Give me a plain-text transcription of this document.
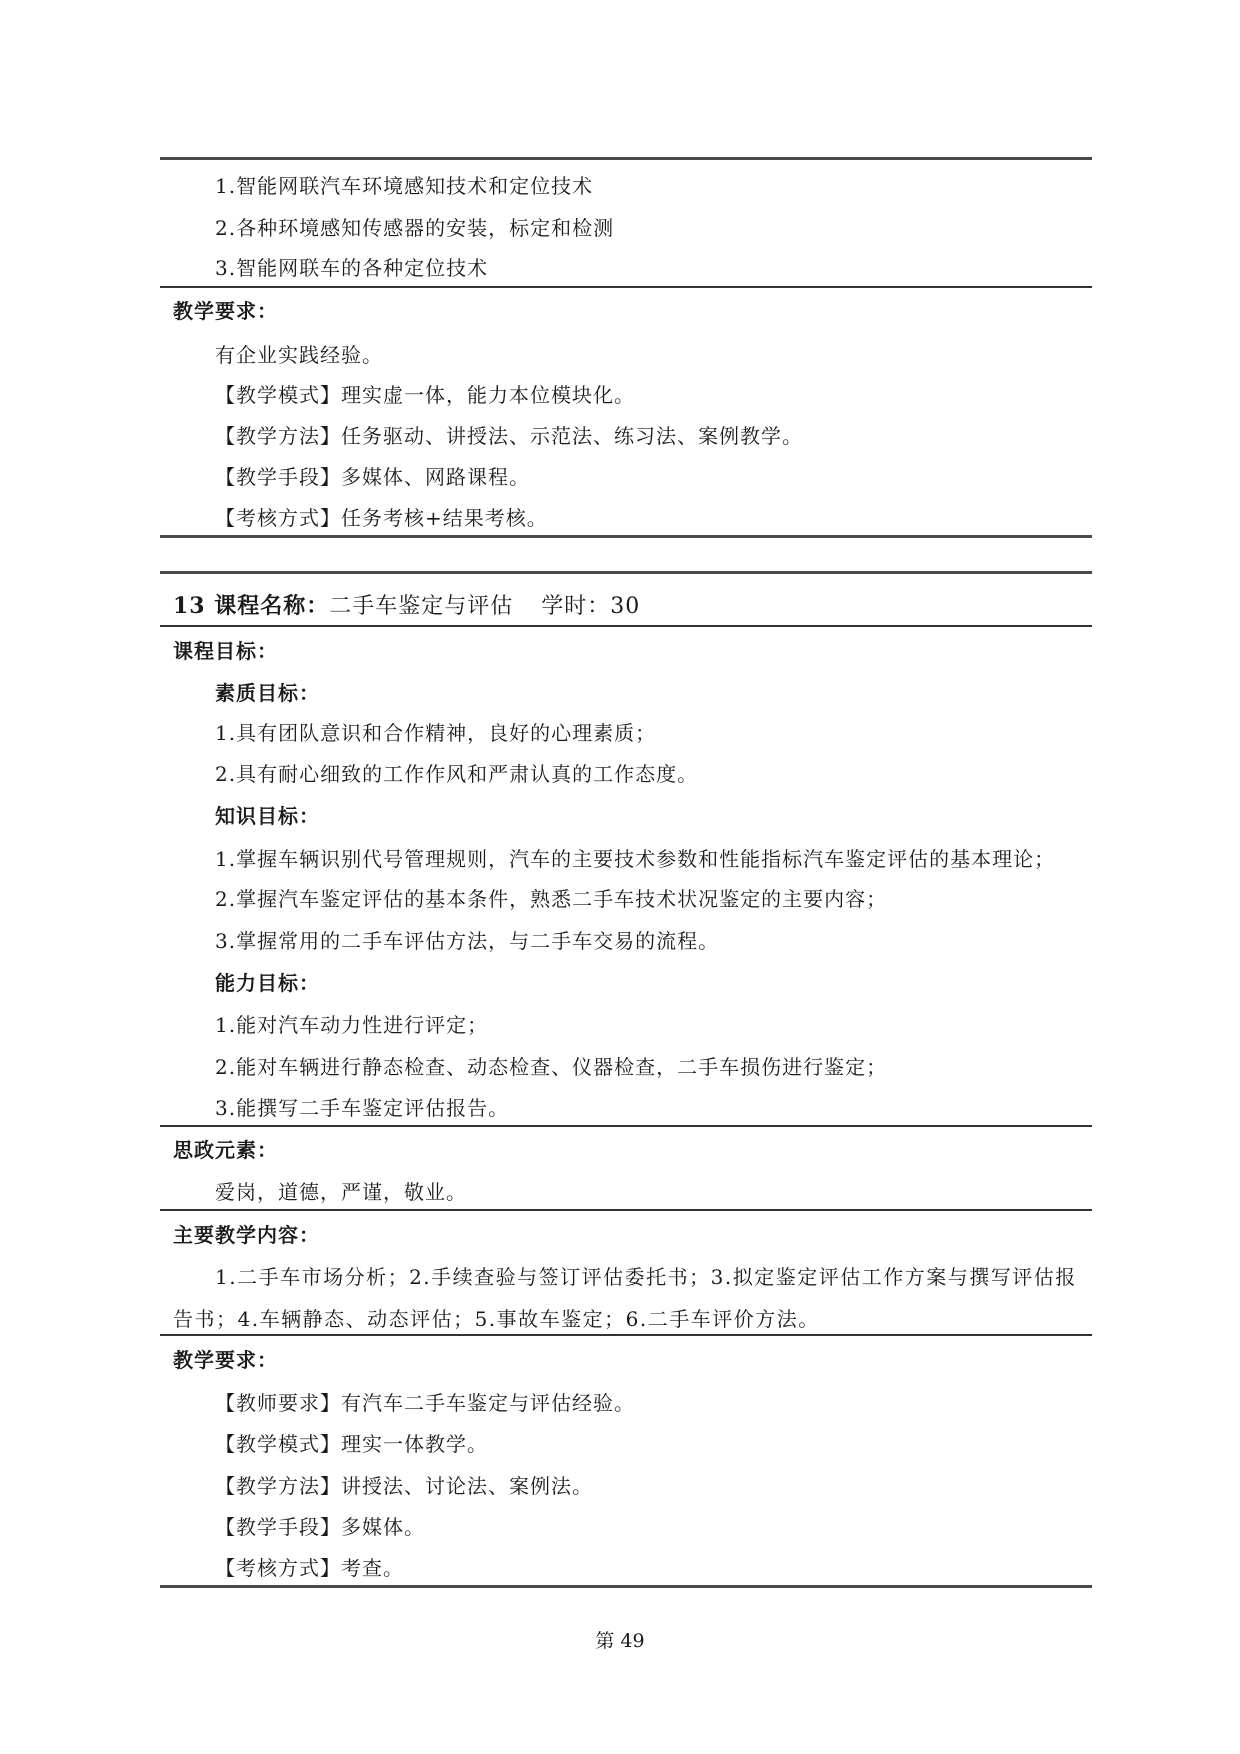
1.智能网联汽车环境感知技术和定位技术
2.各种环境感知传感器的安装，标定和检测
3.智能网联车的各种定位技术
教学要求：
有企业实践经验。
【教学模式】理实虚一体，能力本位模块化。
【教学方法】任务驱动、讲授法、示范法、练习法、案例教学。
【教学手段】多媒体、网路课程。
【考核方式】任务考核+结果考核。
13 课程名称：二手车鉴定与评估 学时：30
课程目标：
素质目标：
1.具有团队意识和合作精神，良好的心理素质；
2.具有耐心细致的工作作风和严肃认真的工作态度。
知识目标：
1.掌握车辆识别代号管理规则，汽车的主要技术参数和性能指标汽车鉴定评估的基本理论；
2.掌握汽车鉴定评估的基本条件，熟悉二手车技术状况鉴定的主要内容；
3.掌握常用的二手车评估方法，与二手车交易的流程。
能力目标：
1.能对汽车动力性进行评定；
2.能对车辆进行静态检查、动态检查、仪器检查，二手车损伤进行鉴定；
3.能撰写二手车鉴定评估报告。
思政元素：
爱岗，道德，严谨，敬业。
主要教学内容：
1.二手车市场分析；2.手续查验与签订评估委托书；3.拟定鉴定评估工作方案与撰写评估报告书；4.车辆静态、动态评估；5.事故车鉴定；6.二手车评价方法。
教学要求：
【教师要求】有汽车二手车鉴定与评估经验。
【教学模式】理实一体教学。
【教学方法】讲授法、讨论法、案例法。
【教学手段】多媒体。
【考核方式】考查。
第 49
